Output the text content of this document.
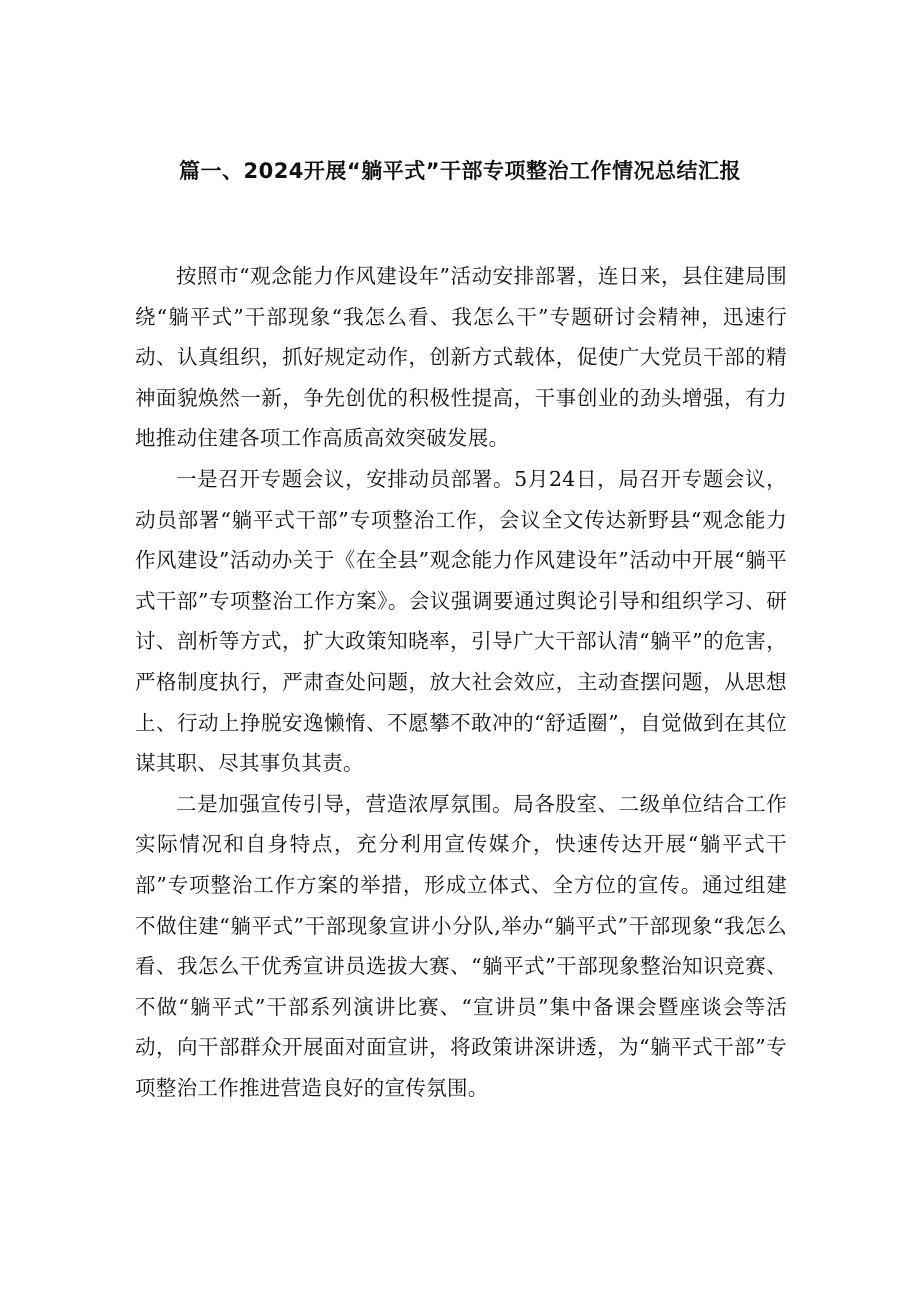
篇一、2024开展“躺平式”干部专项整治工作情况总结汇报

按照市“观念能力作风建设年”活动安排部署，连日来，县住建局围绕“躺平式”干部现象“我怎么看、我怎么干”专题研讨会精神，迅速行动、认真组织，抓好规定动作，创新方式载体，促使广大党员干部的精神面貌焕然一新，争先创优的积极性提高，干事创业的劲头增强，有力地推动住建各项工作高质高效突破发展。

一是召开专题会议，安排动员部署。5月24日，局召开专题会议，动员部署“躺平式干部”专项整治工作，会议全文传达新野县“观念能力作风建设”活动办关于《在全县”观念能力作风建设年”活动中开展“躺平式干部”专项整治工作方案》。会议强调要通过舆论引导和组织学习、研讨、剖析等方式，扩大政策知晓率，引导广大干部认清“躺平”的危害，严格制度执行，严肃查处问题，放大社会效应，主动查摆问题，从思想上、行动上挣脱安逸懒惰、不愿攀不敢冲的“舒适圈”，自觉做到在其位谋其职、尽其事负其责。

二是加强宣传引导，营造浓厚氛围。局各股室、二级单位结合工作实际情况和自身特点，充分利用宣传媒介，快速传达开展“躺平式干部”专项整治工作方案的举措，形成立体式、全方位的宣传。通过组建不做住建“躺平式”干部现象宣讲小分队,举办“躺平式”干部现象“我怎么看、我怎么干优秀宣讲员选拔大赛、“躺平式”干部现象整治知识竞赛、不做“躺平式”干部系列演讲比赛、“宣讲员”集中备课会暨座谈会等活动，向干部群众开展面对面宣讲，将政策讲深讲透，为“躺平式干部”专项整治工作推进营造良好的宣传氛围。
